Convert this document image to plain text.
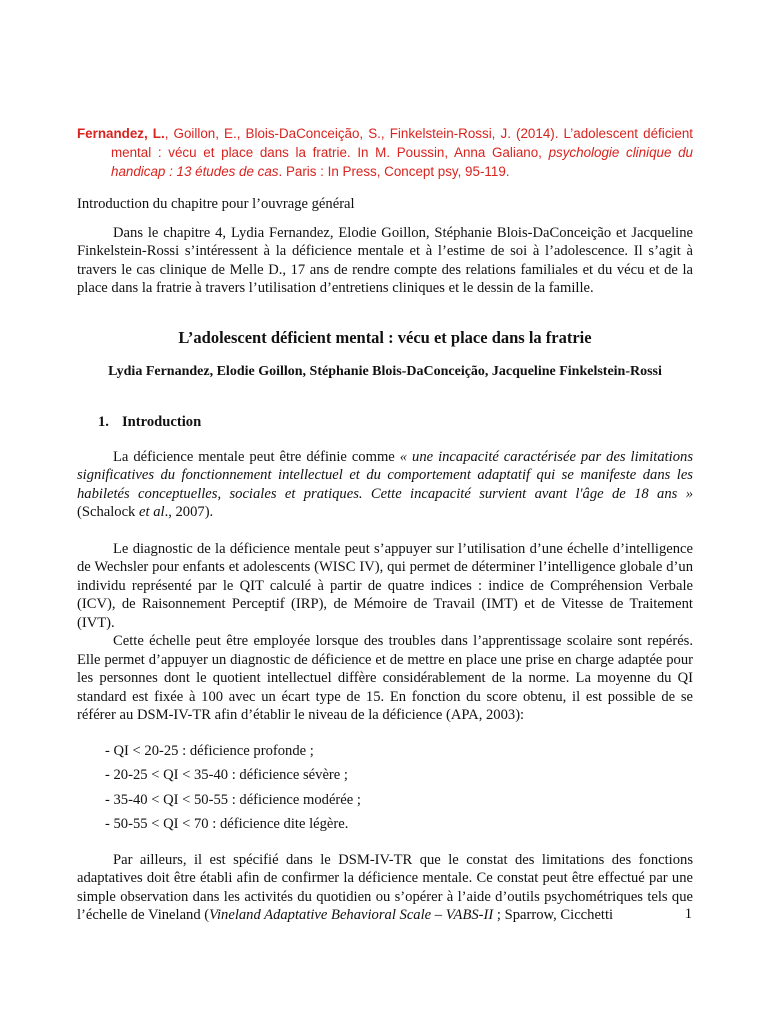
Fernandez, L., Goillon, E., Blois-DaConceição, S., Finkelstein-Rossi, J. (2014). L’adolescent déficient mental : vécu et place dans la fratrie. In M. Poussin, Anna Galiano, psychologie clinique du handicap : 13 études de cas. Paris : In Press, Concept psy, 95-119.

Introduction du chapitre pour l’ouvrage général

Dans le chapitre 4, Lydia Fernandez, Elodie Goillon, Stéphanie Blois-DaConceição et Jacqueline Finkelstein-Rossi s’intéressent à la déficience mentale et à l’estime de soi à l’adolescence. Il s’agit à travers le cas clinique de Melle D., 17 ans de rendre compte des relations familiales et du vécu et de la place dans la fratrie à travers l’utilisation d’entretiens cliniques et le dessin de la famille.

L’adolescent déficient mental : vécu et place dans la fratrie
Lydia Fernandez, Elodie Goillon, Stéphanie Blois-DaConceição, Jacqueline Finkelstein-Rossi
1. Introduction

La déficience mentale peut être définie comme « une incapacité caractérisée par des limitations significatives du fonctionnement intellectuel et du comportement adaptatif qui se manifeste dans les habiletés conceptuelles, sociales et pratiques. Cette incapacité survient avant l'âge de 18 ans » (Schalock et al., 2007).

Le diagnostic de la déficience mentale peut s’appuyer sur l’utilisation d’une échelle d’intelligence de Wechsler pour enfants et adolescents (WISC IV), qui permet de déterminer l’intelligence globale d’un individu représenté par le QIT calculé à partir de quatre indices : indice de Compréhension Verbale (ICV), de Raisonnement Perceptif (IRP), de Mémoire de Travail (IMT) et de Vitesse de Traitement (IVT).

Cette échelle peut être employée lorsque des troubles dans l’apprentissage scolaire sont repérés. Elle permet d’appuyer un diagnostic de déficience et de mettre en place une prise en charge adaptée pour les personnes dont le quotient intellectuel diffère considérablement de la norme. La moyenne du QI standard est fixée à 100 avec un écart type de 15. En fonction du score obtenu, il est possible de se référer au DSM-IV-TR afin d’établir le niveau de la déficience (APA, 2003):

- QI < 20-25 : déficience profonde ;
- 20-25 < QI < 35-40 : déficience sévère ;
- 35-40 < QI < 50-55 : déficience modérée ;
- 50-55 < QI < 70 : déficience dite légère.

Par ailleurs, il est spécifié dans le DSM-IV-TR que le constat des limitations des fonctions adaptatives doit être établi afin de confirmer la déficience mentale. Ce constat peut être effectué par une simple observation dans les activités du quotidien ou s’opérer à l’aide d’outils psychométriques tels que l’échelle de Vineland (Vineland Adaptative Behavioral Scale – VABS-II ; Sparrow, Cicchetti	1
